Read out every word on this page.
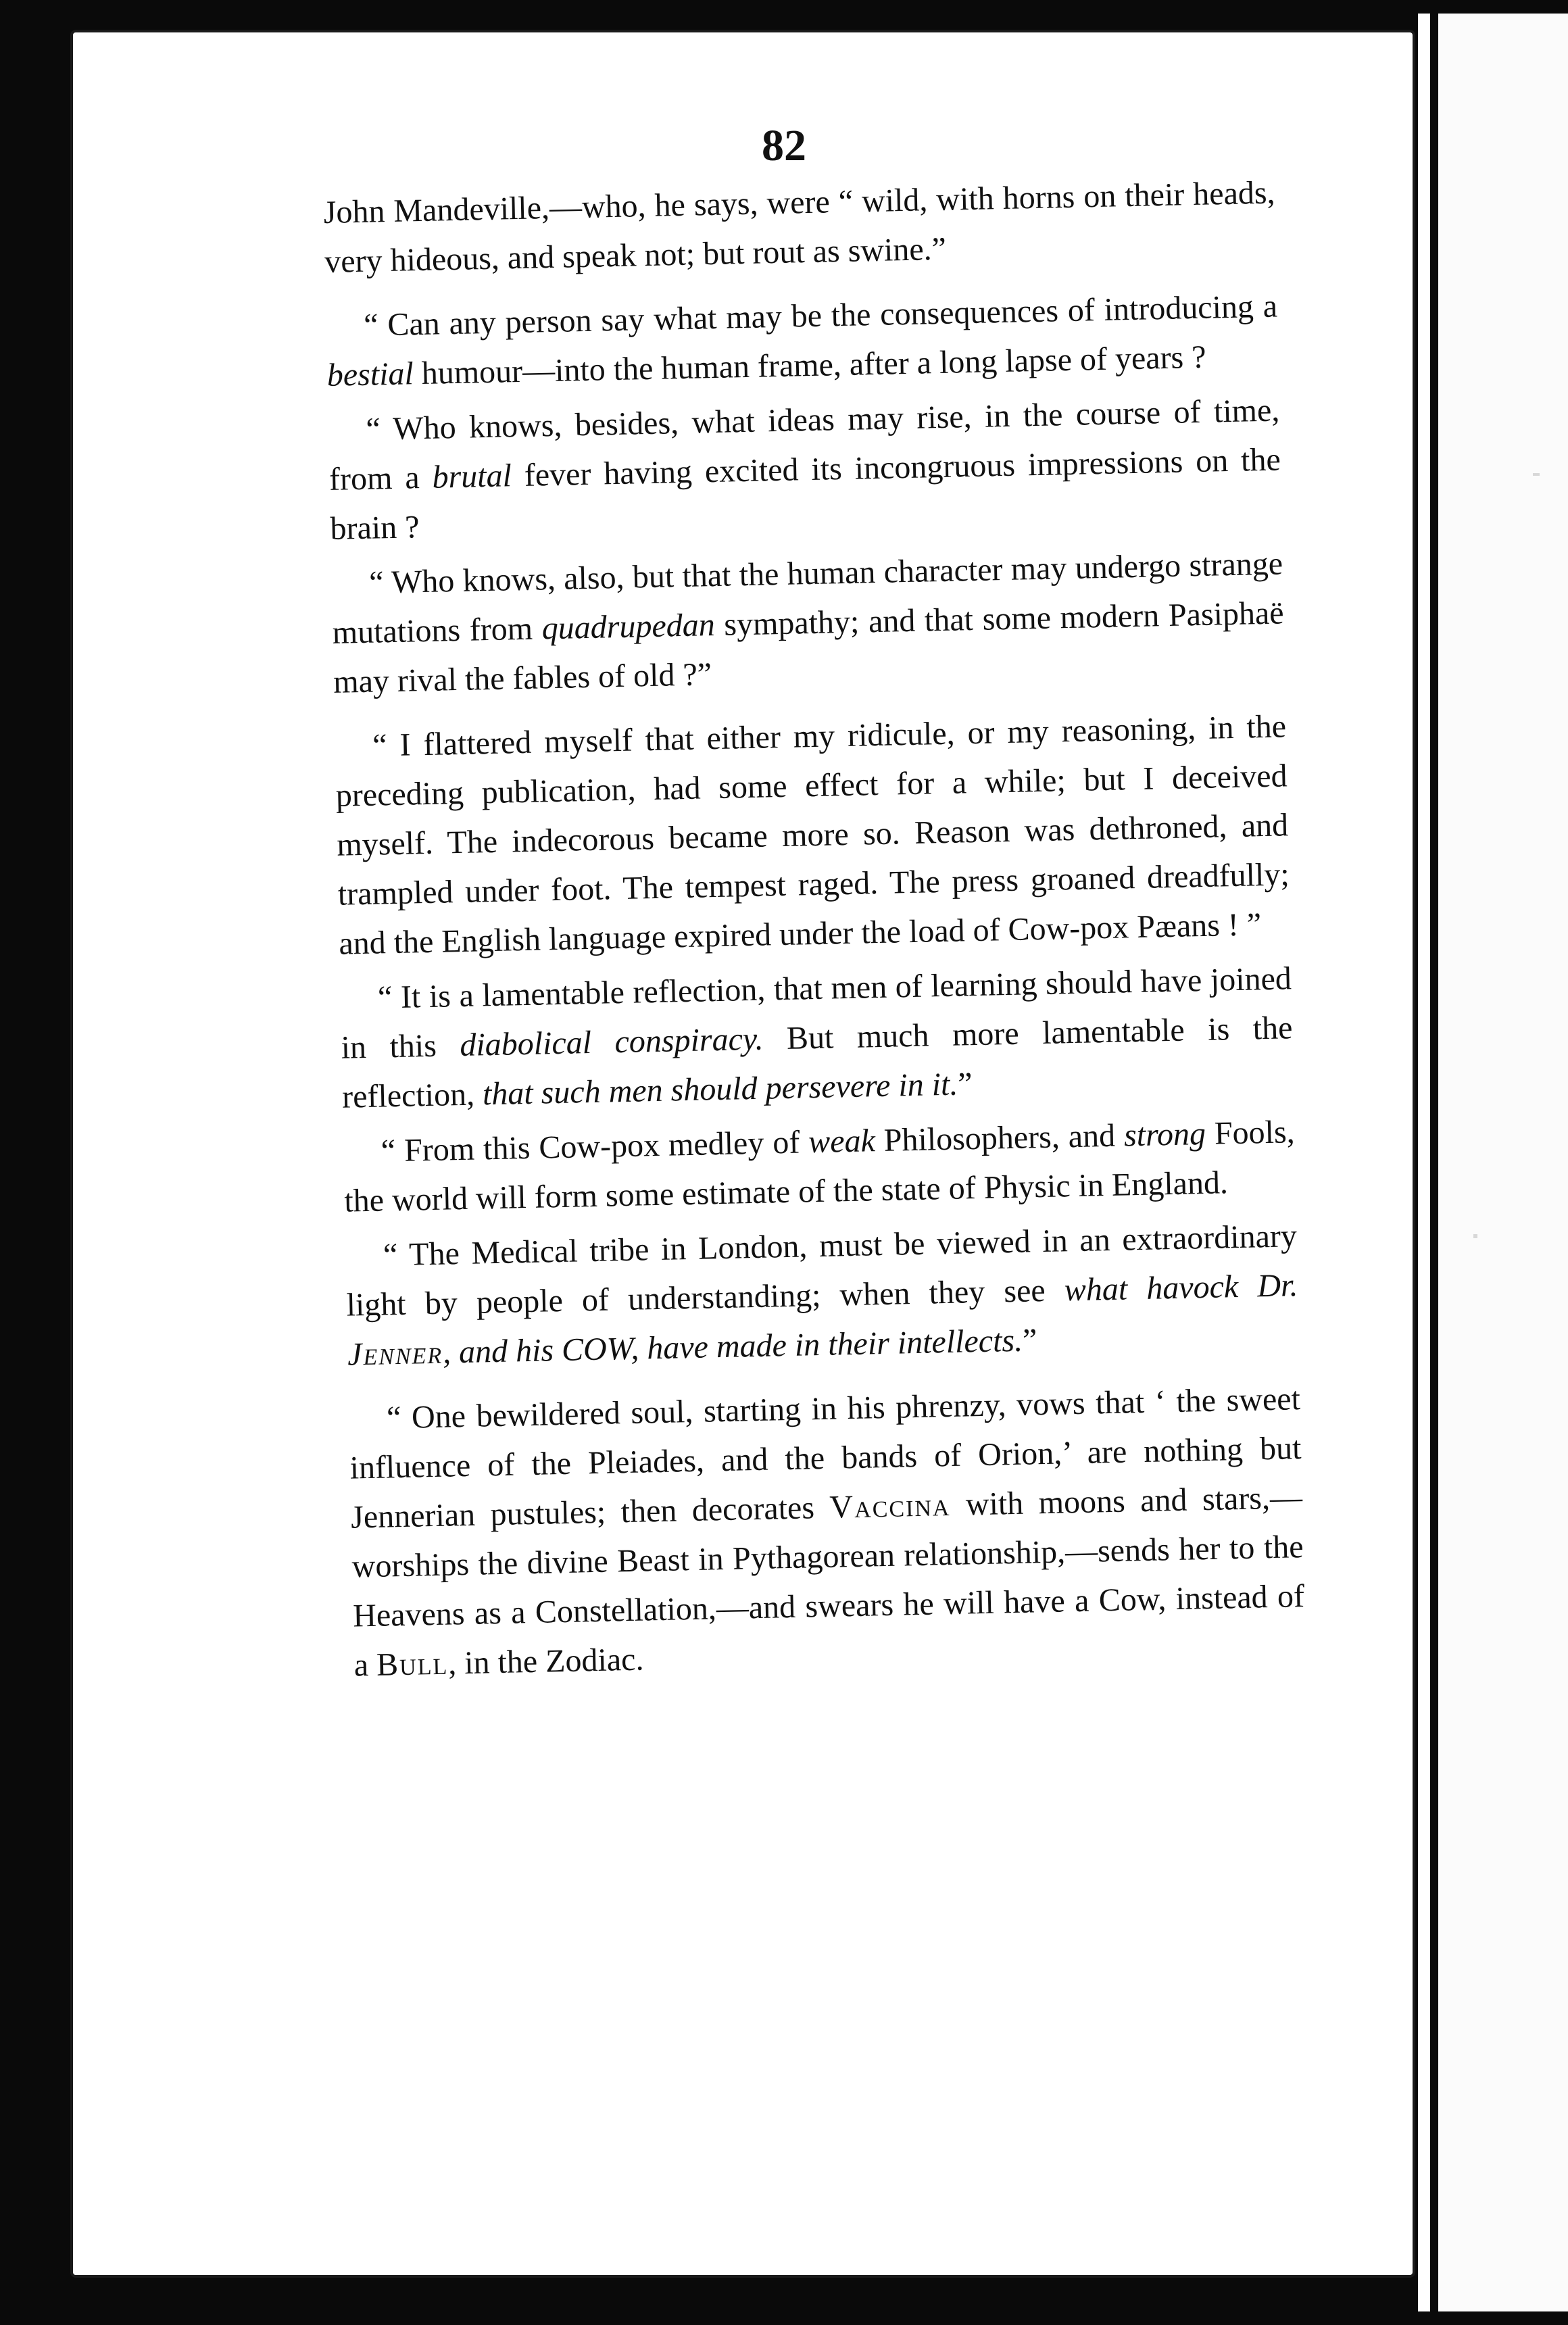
82

John Mandeville,—who, he says, were “ wild, with horns on their heads, very hideous, and speak not; but rout as swine.”

“ Can any person say what may be the consequences of introducing a bestial humour—into the human frame, after a long lapse of years ?

“ Who knows, besides, what ideas may rise, in the course of time, from a brutal fever having excited its incongruous impressions on the brain ?

“ Who knows, also, but that the human character may undergo strange mutations from quadrupedan sympathy; and that some modern Pasiphaë may rival the fables of old ?”

“ I flattered myself that either my ridicule, or my reasoning, in the preceding publication, had some effect for a while; but I deceived myself. The indecorous became more so. Reason was dethroned, and trampled under foot. The tempest raged. The press groaned dreadfully; and the English language expired under the load of Cow-pox Pæans ! ”

“ It is a lamentable reflection, that men of learning should have joined in this diabolical conspiracy. But much more lamentable is the reflection, that such men should persevere in it.”

“ From this Cow-pox medley of weak Philosophers, and strong Fools, the world will form some estimate of the state of Physic in England.

“ The Medical tribe in London, must be viewed in an extraordinary light by people of understanding; when they see what havock Dr. Jenner, and his COW, have made in their intellects.”

“ One bewildered soul, starting in his phrenzy, vows that ‘ the sweet influence of the Pleiades, and the bands of Orion,’ are nothing but Jennerian pustules; then decorates Vaccina with moons and stars,—worships the divine Beast in Pythagorean relationship,—sends her to the Heavens as a Constellation,—and swears he will have a Cow, instead of a Bull, in the Zodiac.
